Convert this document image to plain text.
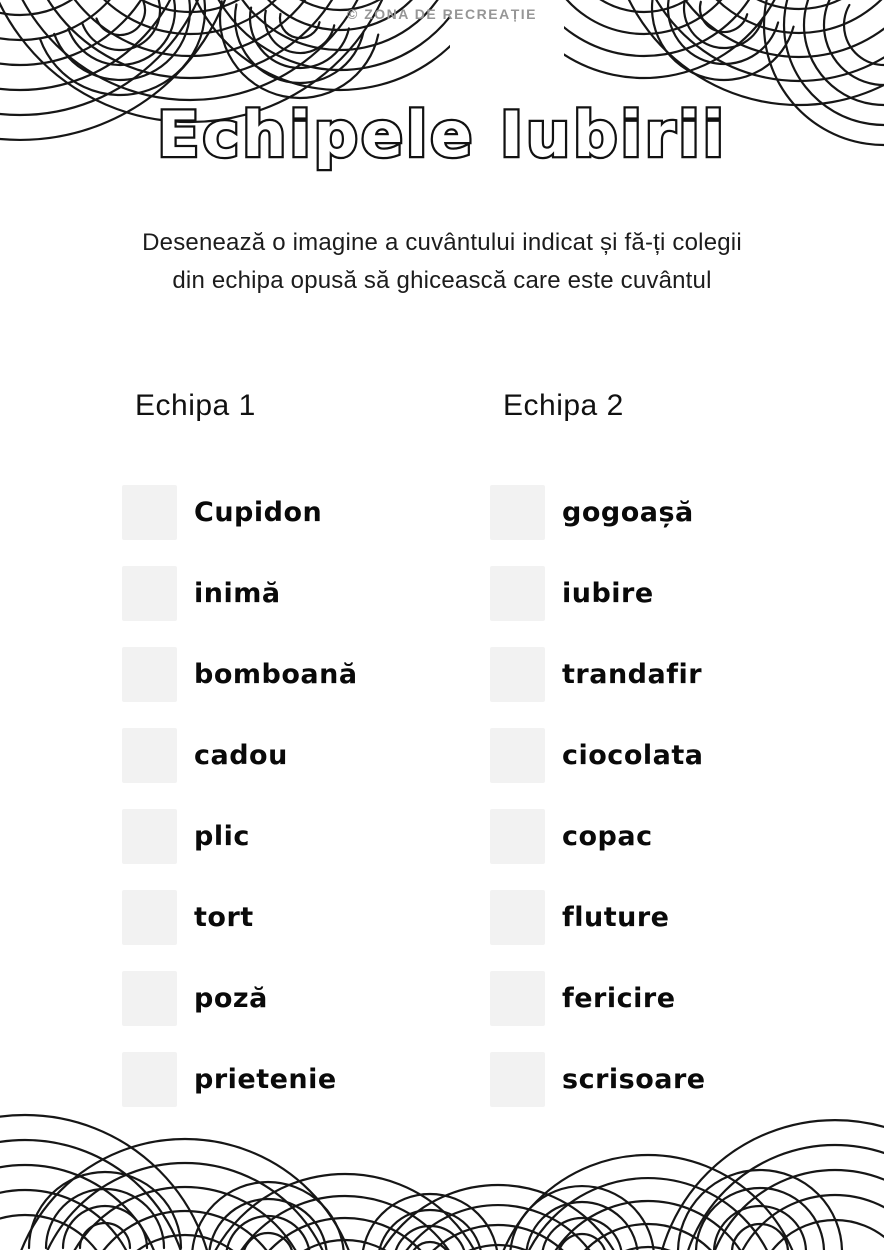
© ZONA DE RECREAȚIE
Echipele Iubirii
Desenează o imagine a cuvântului indicat și fă-ți colegii
din echipa opusă să ghicească care este cuvântul
Echipa 1
Cupidon
inimă
bomboană
cadou
plic
tort
poză
prietenie
Echipa 2
gogoașă
iubire
trandafir
ciocolata
copac
fluture
fericire
scrisoare
